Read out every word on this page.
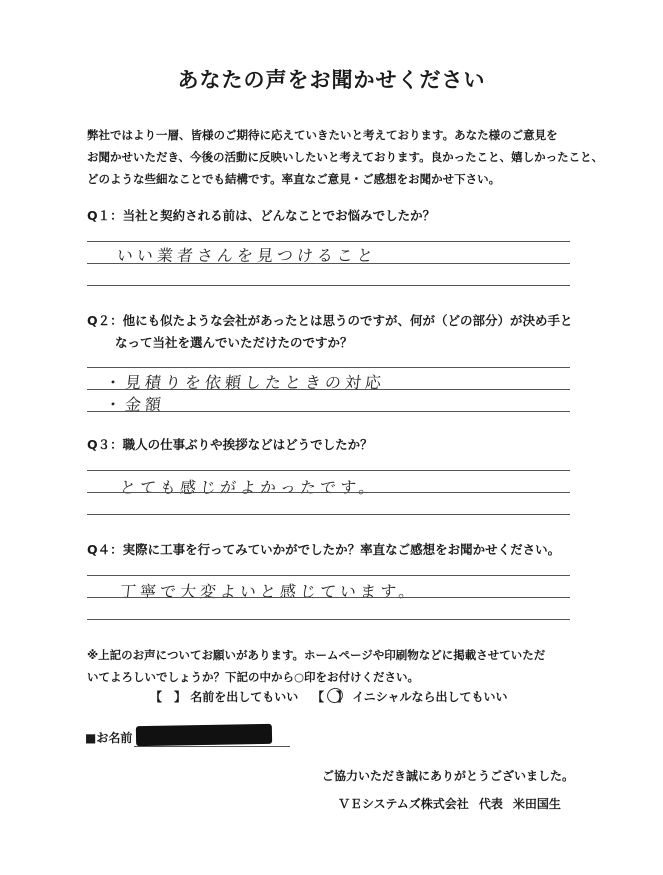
あなたの声をお聞かせください
弊社ではより一層、皆様のご期待に応えていきたいと考えております。あなた様のご意見を
お聞かせいただき、今後の活動に反映いしたいと考えております。良かったこと、嬉しかったこと、
どのような些細なことでも結構です。率直なご意見・ご感想をお聞かせ下さい。
Q１：当社と契約される前は、どんなことでお悩みでしたか？
いい業者さんを見つけること
Q２：他にも似たような会社があったとは思うのですが、何が（どの部分）が決め手と
なって当社を選んでいただけたのですか？
・見積りを依頼したときの対応
・金額
Q３：職人の仕事ぶりや挨拶などはどうでしたか？
とても感じがよかったです。
Q４：実際に工事を行ってみていかがでしたか？率直なご感想をお聞かせください。
丁寧で大変よいと感じています。
※上記のお声についてお願いがあります。ホームページや印刷物などに掲載させていただ
いてよろしいでしょうか？下記の中から○印をお付けください。
【　】 名前を出してもいい 【　】 イニシャルなら出してもいい
■お名前
ご協力いただき誠にありがとうございました。
ＶＥシステムズ株式会社 代表 米田国生
